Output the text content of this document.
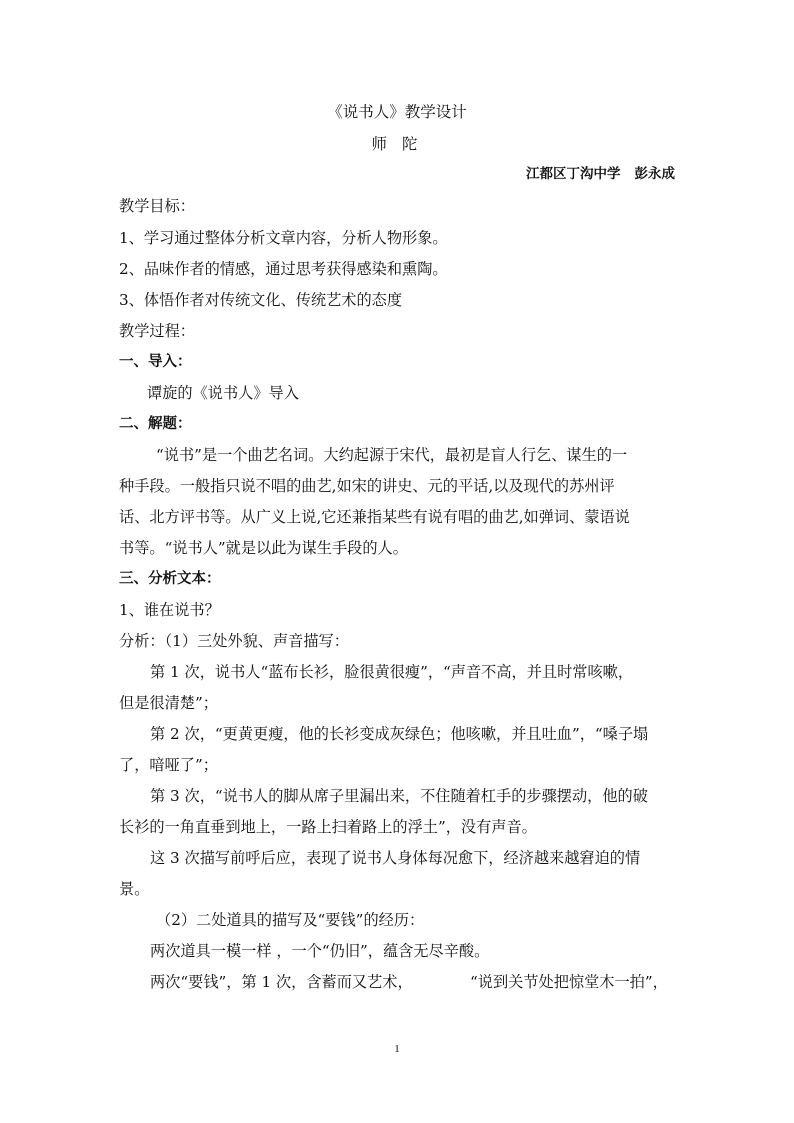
《说书人》教学设计
师 陀
江都区丁沟中学 彭永成
教学目标：
1、学习通过整体分析文章内容，分析人物形象。
2、品味作者的情感，通过思考获得感染和熏陶。
3、体悟作者对传统文化、传统艺术的态度
教学过程：
一、导入：
谭旋的《说书人》导入
二、解题：
“说书”是一个曲艺名词。大约起源于宋代，最初是盲人行乞、谋生的一
种手段。一般指只说不唱的曲艺,如宋的讲史、元的平话,以及现代的苏州评
话、北方评书等。从广义上说,它还兼指某些有说有唱的曲艺,如弹词、蒙语说
书等。“说书人”就是以此为谋生手段的人。
三、分析文本：
1、谁在说书？
分析：（1）三处外貌、声音描写：
第 1 次，说书人“蓝布长衫，脸很黄很瘦”，“声音不高，并且时常咳嗽，
但是很清楚”；
第 2 次，“更黄更瘦，他的长衫变成灰绿色；他咳嗽，并且吐血”，“嗓子塌
了，喑哑了”；
第 3 次，“说书人的脚从席子里漏出来，不住随着杠手的步骤摆动，他的破
长衫的一角直垂到地上，一路上扫着路上的浮土”，没有声音。
这 3 次描写前呼后应，表现了说书人身体每况愈下，经济越来越窘迫的情
景。
（2）二处道具的描写及“要钱”的经历：
两次道具一模一样 ，一个“仍旧”，蕴含无尽辛酸。
两次“要钱”，第 1 次，含蓄而又艺术，	“说到关节处把惊堂木一拍”，
1
